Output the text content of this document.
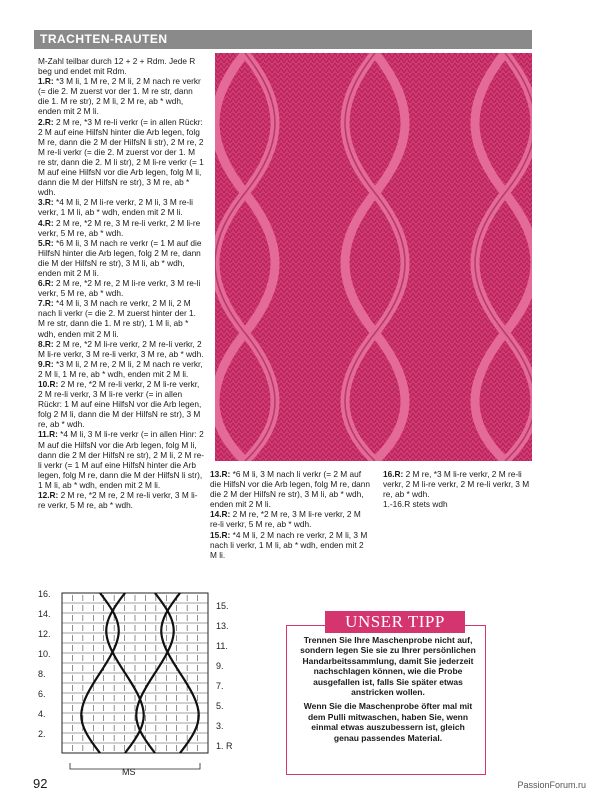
TRACHTEN-RAUTEN

M-Zahl teilbar durch 12 + 2 + Rdm. Jede R beg und endet mit Rdm.

1.R: *3 M li, 1 M re, 2 M li, 2 M nach re verkr (= die 2. M zuerst vor der 1. M re str, dann die 1. M re str), 2 M li, 2 M re, ab * wdh, enden mit 2 M li.

2.R: 2 M re, *3 M re-li verkr (= in allen Rückr: 2 M auf eine HilfsN hinter die Arb legen, folg M re, dann die 2 M der HilfsN li str), 2 M re, 2 M re-li verkr (= die 2. M zuerst vor der 1. M re str, dann die 2. M li str), 2 M li-re verkr (= 1 M auf eine HilfsN vor die Arb legen, folg M li, dann die M der HilfsN re str), 3 M re, ab * wdh.

3.R: *4 M li, 2 M li-re verkr, 2 M li, 3 M re-li verkr, 1 M li, ab * wdh, enden mit 2 M li.

4.R: 2 M re, *2 M re, 3 M re-li verkr, 2 M li-re verkr, 5 M re, ab * wdh.

5.R: *6 M li, 3 M nach re verkr (= 1 M auf die HilfsN hinter die Arb legen, folg 2 M re, dann die M der HilfsN re str), 3 M li, ab * wdh, enden mit 2 M li.

6.R: 2 M re, *2 M re, 2 M li-re verkr, 3 M re-li verkr, 5 M re, ab * wdh.

7.R: *4 M li, 3 M nach re verkr, 2 M li, 2 M nach li verkr (= die 2. M zuerst hinter der 1. M re str, dann die 1. M re str), 1 M li, ab * wdh, enden mit 2 M li.

8.R: 2 M re, *2 M li-re verkr, 2 M re-li verkr, 2 M li-re verkr, 3 M re-li verkr, 3 M re, ab * wdh.

9.R: *3 M li, 2 M re, 2 M li, 2 M nach re verkr, 2 M li, 1 M re, ab * wdh, enden mit 2 M li.

10.R: 2 M re, *2 M re-li verkr, 2 M li-re verkr, 2 M re-li verkr, 3 M li-re verkr (= in allen Rückr: 1 M auf eine HilfsN vor die Arb legen, folg 2 M li, dann die M der HilfsN re str), 3 M re, ab * wdh.

11.R: *4 M li, 3 M li-re verkr (= in allen Hinr: 2 M auf die HilfsN vor die Arb legen, folg M li, dann die 2 M der HilfsN re str), 2 M li, 2 M re-li verkr (= 1 M auf eine HilfsN hinter die Arb legen, folg M re, dann die M der HilfsN li str), 1 M li, ab * wdh, enden mit 2 M li.

12.R: 2 M re, *2 M re, 2 M re-li verkr, 3 M li-re verkr, 5 M re, ab * wdh.

13.R: *6 M li, 3 M nach li verkr (= 2 M auf die HilfsN vor die Arb legen, folg M re, dann die 2 M der HilfsN re str), 3 M li, ab * wdh, enden mit 2 M li.

14.R: 2 M re, *2 M re, 3 M li-re verkr, 2 M re-li verkr, 5 M re, ab * wdh.

15.R: *4 M li, 2 M nach re verkr, 2 M li, 3 M nach li verkr, 1 M li, ab * wdh, enden mit 2 M li.

16.R: 2 M re, *3 M li-re verkr, 2 M re-li verkr, 2 M li-re verkr, 2 M re-li verkr, 3 M re, ab * wdh.

1.-16.R stets wdh

MS
16.
14.
12.
10.
8.
6.
4.
2.
15.
13.
11.
9.
7.
5.
3.
1. R
UNSER TIPP

Trennen Sie Ihre Maschenprobe nicht auf, sondern legen Sie sie zu Ihrer persönlichen Handarbeitssammlung, damit Sie jederzeit nachschlagen können, wie die Probe ausgefallen ist, falls Sie später etwas anstricken wollen.

Wenn Sie die Maschenprobe öfter mal mit dem Pulli mitwaschen, haben Sie, wenn einmal etwas auszubessern ist, gleich genau passendes Material.

92	PassionForum.ru
